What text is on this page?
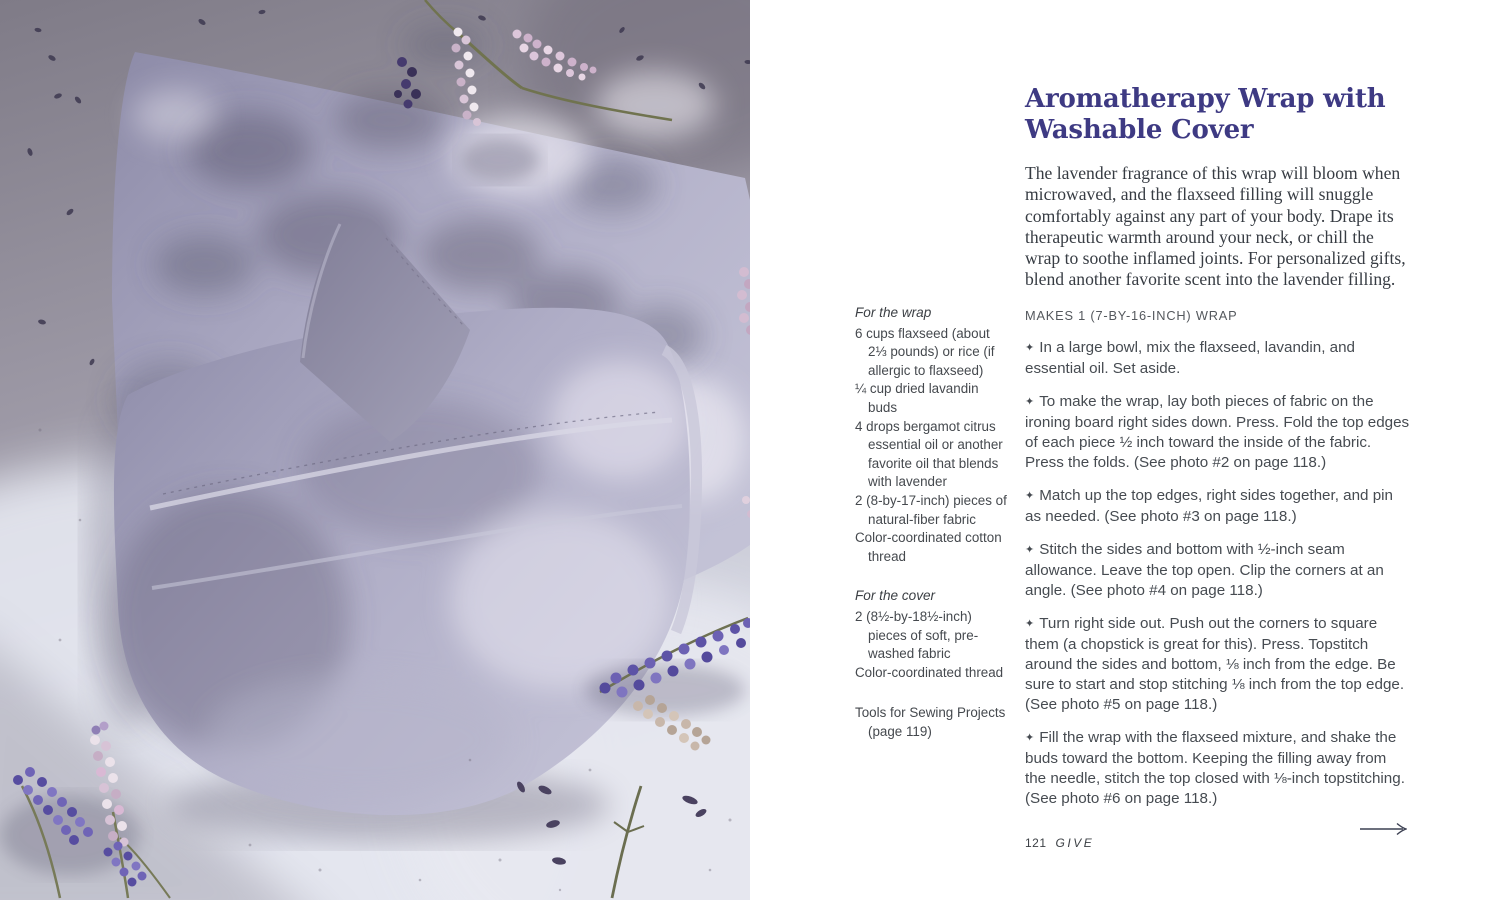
For the wrap

6 cups flaxseed (about 2⅓ pounds) or rice (if allergic to flaxseed)

¼ cup dried lavandin buds

4 drops bergamot citrus essential oil or another favorite oil that blends with lavender

2 (8-by-17-inch) pieces of natural-fiber fabric

Color-coordinated cotton thread

For the cover

2 (8½-by-18½-inch) pieces of soft, pre-washed fabric

Color-coordinated thread

Tools for Sewing Projects (page 119)

Aromatherapy Wrap with Washable Cover

The lavender fragrance of this wrap will bloom when microwaved, and the flaxseed filling will snuggle comfortably against any part of your body. Drape its therapeutic warmth around your neck, or chill the wrap to soothe inflamed joints. For personalized gifts, blend another favorite scent into the lavender filling.

MAKES 1 (7-BY-16-INCH) WRAP

✦ In a large bowl, mix the flaxseed, lavandin, and essential oil. Set aside.

✦ To make the wrap, lay both pieces of fabric on the ironing board right sides down. Press. Fold the top edges of each piece ½ inch toward the inside of the fabric. Press the folds. (See photo #2 on page 118.)

✦ Match up the top edges, right sides together, and pin as needed. (See photo #3 on page 118.)

✦ Stitch the sides and bottom with ½-inch seam allowance. Leave the top open. Clip the corners at an angle. (See photo #4 on page 118.)

✦ Turn right side out. Push out the corners to square them (a chopstick is great for this). Press. Topstitch around the sides and bottom, ⅛ inch from the edge. Be sure to start and stop stitching ⅛ inch from the top edge. (See photo #5 on page 118.)

✦ Fill the wrap with the flaxseed mixture, and shake the buds toward the bottom. Keeping the filling away from the needle, stitch the top closed with ⅛-inch topstitching. (See photo #6 on page 118.)

121 GIVE
